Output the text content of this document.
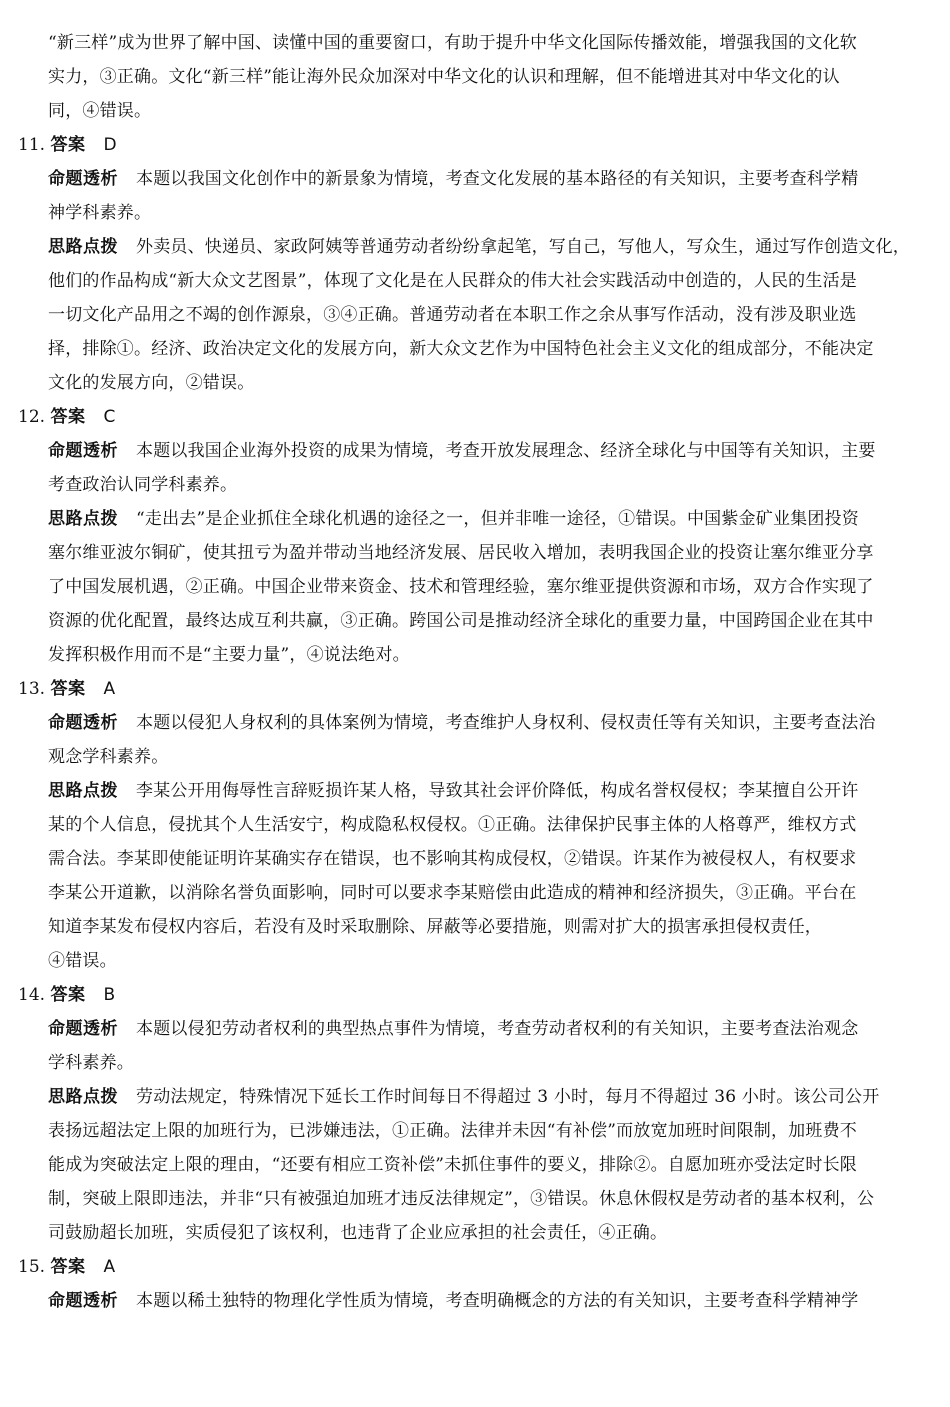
“新三样”成为世界了解中国、读懂中国的重要窗口，有助于提升中华文化国际传播效能，增强我国的文化软
实力，③正确。文化“新三样”能让海外民众加深对中华文化的认识和理解，但不能增进其对中华文化的认
同，④错误。
11. 答案 D
命题透析 本题以我国文化创作中的新景象为情境，考查文化发展的基本路径的有关知识，主要考查科学精
神学科素养。
思路点拨 外卖员、快递员、家政阿姨等普通劳动者纷纷拿起笔，写自己，写他人，写众生，通过写作创造文化，
他们的作品构成“新大众文艺图景”，体现了文化是在人民群众的伟大社会实践活动中创造的，人民的生活是
一切文化产品用之不竭的创作源泉，③④正确。普通劳动者在本职工作之余从事写作活动，没有涉及职业选
择，排除①。经济、政治决定文化的发展方向，新大众文艺作为中国特色社会主义文化的组成部分，不能决定
文化的发展方向，②错误。
12. 答案 C
命题透析 本题以我国企业海外投资的成果为情境，考查开放发展理念、经济全球化与中国等有关知识，主要
考查政治认同学科素养。
思路点拨 “走出去”是企业抓住全球化机遇的途径之一，但并非唯一途径，①错误。中国紫金矿业集团投资
塞尔维亚波尔铜矿，使其扭亏为盈并带动当地经济发展、居民收入增加，表明我国企业的投资让塞尔维亚分享
了中国发展机遇，②正确。中国企业带来资金、技术和管理经验，塞尔维亚提供资源和市场，双方合作实现了
资源的优化配置，最终达成互利共赢，③正确。跨国公司是推动经济全球化的重要力量，中国跨国企业在其中
发挥积极作用而不是“主要力量”，④说法绝对。
13. 答案 A
命题透析 本题以侵犯人身权利的具体案例为情境，考查维护人身权利、侵权责任等有关知识，主要考查法治
观念学科素养。
思路点拨 李某公开用侮辱性言辞贬损许某人格，导致其社会评价降低，构成名誉权侵权；李某擅自公开许
某的个人信息，侵扰其个人生活安宁，构成隐私权侵权。①正确。法律保护民事主体的人格尊严，维权方式
需合法。李某即使能证明许某确实存在错误，也不影响其构成侵权，②错误。许某作为被侵权人，有权要求
李某公开道歉，以消除名誉负面影响，同时可以要求李某赔偿由此造成的精神和经济损失，③正确。平台在
知道李某发布侵权内容后，若没有及时采取删除、屏蔽等必要措施，则需对扩大的损害承担侵权责任，
④错误。
14. 答案 B
命题透析 本题以侵犯劳动者权利的典型热点事件为情境，考查劳动者权利的有关知识，主要考查法治观念
学科素养。
思路点拨 劳动法规定，特殊情况下延长工作时间每日不得超过 3 小时，每月不得超过 36 小时。该公司公开
表扬远超法定上限的加班行为，已涉嫌违法，①正确。法律并未因“有补偿”而放宽加班时间限制，加班费不
能成为突破法定上限的理由，“还要有相应工资补偿”未抓住事件的要义，排除②。自愿加班亦受法定时长限
制，突破上限即违法，并非“只有被强迫加班才违反法律规定”，③错误。休息休假权是劳动者的基本权利，公
司鼓励超长加班，实质侵犯了该权利，也违背了企业应承担的社会责任，④正确。
15. 答案 A
命题透析 本题以稀土独特的物理化学性质为情境，考查明确概念的方法的有关知识，主要考查科学精神学
